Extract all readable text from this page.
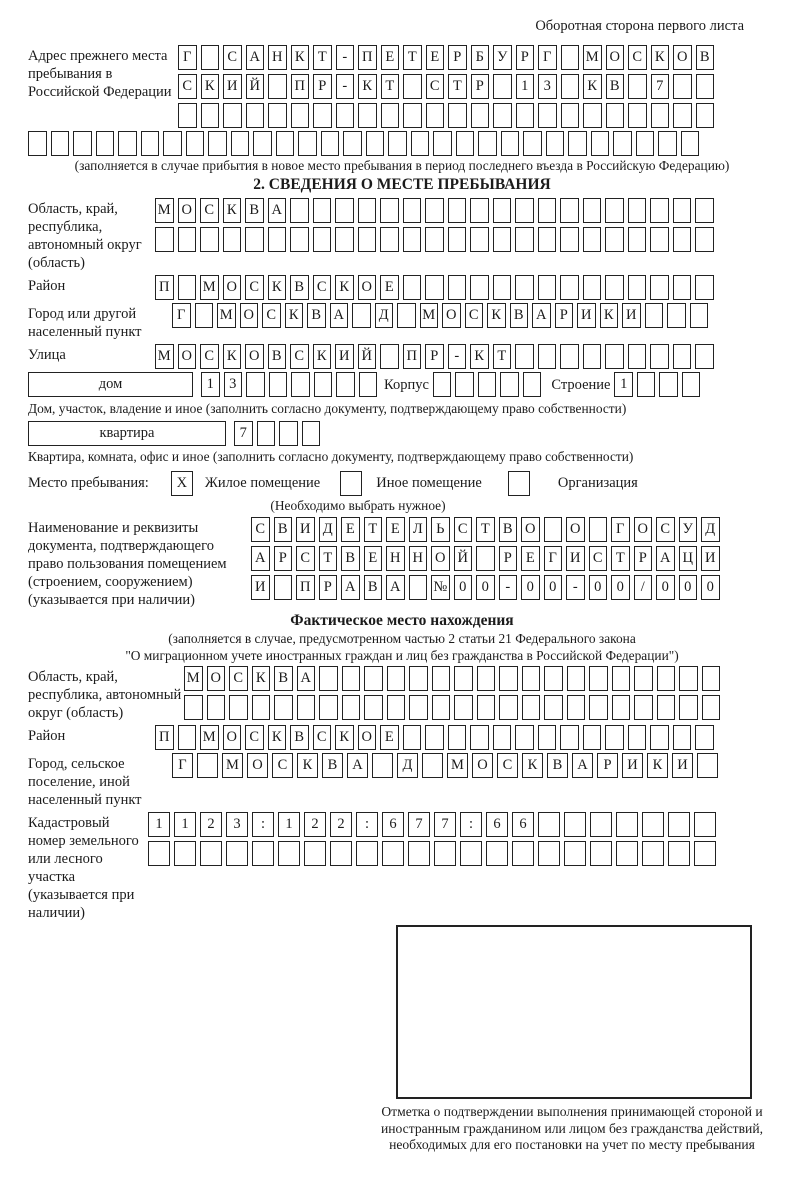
Оборотная сторона первого листа
Адрес прежнего места пребывания в Российской Федерации
Г	С А Н К Т	-	П Е Т Е Р Б У Р Г	М О С К О В
С К И Й П Р	-	К Т	С Т Р	1	3	К В	7
(заполняется в случае прибытия в новое место пребывания в период последнего въезда в Российскую Федерацию)
2. СВЕДЕНИЯ О МЕСТЕ ПРЕБЫВАНИЯ
Область, край, республика, автономный округ (область)
М О С К В А
Район	П М О С К В С К О Е
Город или другой населенный пункт
Г	М О С К В А Д М О С К В А Р И К И
Улица	М О С К О В С К И Й П Р	-	К Т
дом	1	3	Корпус	Строение 1
Дом, участок, владение и иное (заполнить согласно документу, подтверждающему право собственности)
квартира	7
Квартира, комната, офис и иное (заполнить согласно документу, подтверждающему право собственности)
Место пребывания:	X	Жилое помещение	Иное помещение	Организация
(Необходимо выбрать нужное)
Наименование и реквизиты документа, подтверждающего право пользования помещением (строением, сооружением) (указывается при наличии)
С В И Д Е Т Е Л Ь С Т В О О	Г О С У Д
А Р С Т В Е Н Н О Й	Р Е Г И С Т Р А Ц И
И П Р А В А № 0	0	-	0	0	-	0	0	/	0	0	0
Фактическое место нахождения
(заполняется в случае, предусмотренном частью 2 статьи 21 Федерального закона
"О миграционном учете иностранных граждан и лиц без гражданства в Российской Федерации")
Область, край, республика, автономный округ (область)
М О С К В А
Район	П М О С К В С К О Е
Город, сельское поселение, иной населенный пункт
Г	М О	С	К	В	А	Д	М О	С	К	В	А	Р	И	К	И
Кадастровый номер земельного или лесного участка (указывается при наличии)
1	1	2	3	:	1	2	2	:	6	7	7	:	6	6
Отметка о подтверждении выполнения принимающей стороной и иностранным гражданином или лицом без гражданства действий, необходимых для его постановки на учет по месту пребывания
